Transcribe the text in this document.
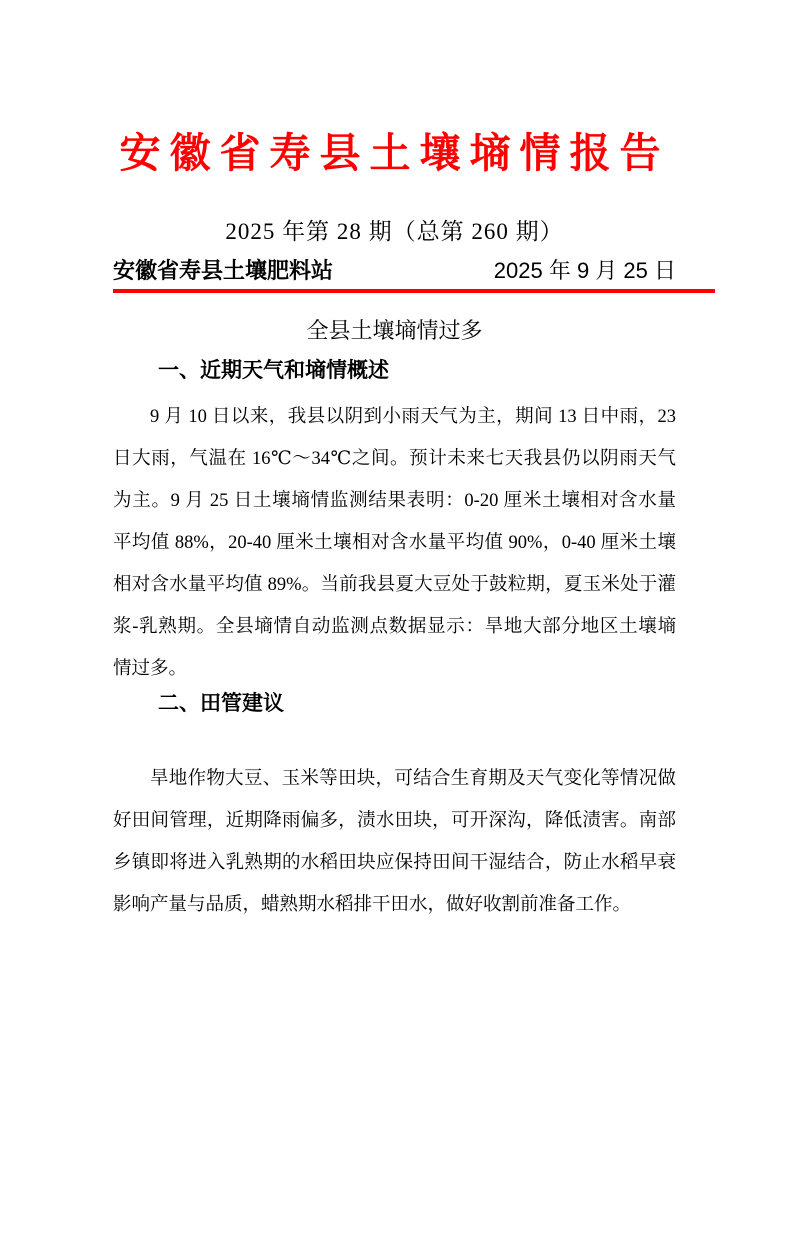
安徽省寿县土壤墒情报告
2025 年第 28 期（总第 260 期）
安徽省寿县土壤肥料站	2025 年 9 月 25 日
全县土壤墒情过多
一、近期天气和墒情概述
9 月 10 日以来，我县以阴到小雨天气为主，期间 13 日中雨，23
日大雨，气温在 16℃～34℃之间。预计未来七天我县仍以阴雨天气
为主。9 月 25 日土壤墒情监测结果表明：0-20 厘米土壤相对含水量
平均值 88%，20-40 厘米土壤相对含水量平均值 90%，0-40 厘米土壤
相对含水量平均值 89%。当前我县夏大豆处于鼓粒期，夏玉米处于灌
浆-乳熟期。全县墒情自动监测点数据显示：旱地大部分地区土壤墒
情过多。
二、田管建议
旱地作物大豆、玉米等田块，可结合生育期及天气变化等情况做
好田间管理，近期降雨偏多，渍水田块，可开深沟，降低渍害。南部
乡镇即将进入乳熟期的水稻田块应保持田间干湿结合，防止水稻早衰
影响产量与品质，蜡熟期水稻排干田水，做好收割前准备工作。
